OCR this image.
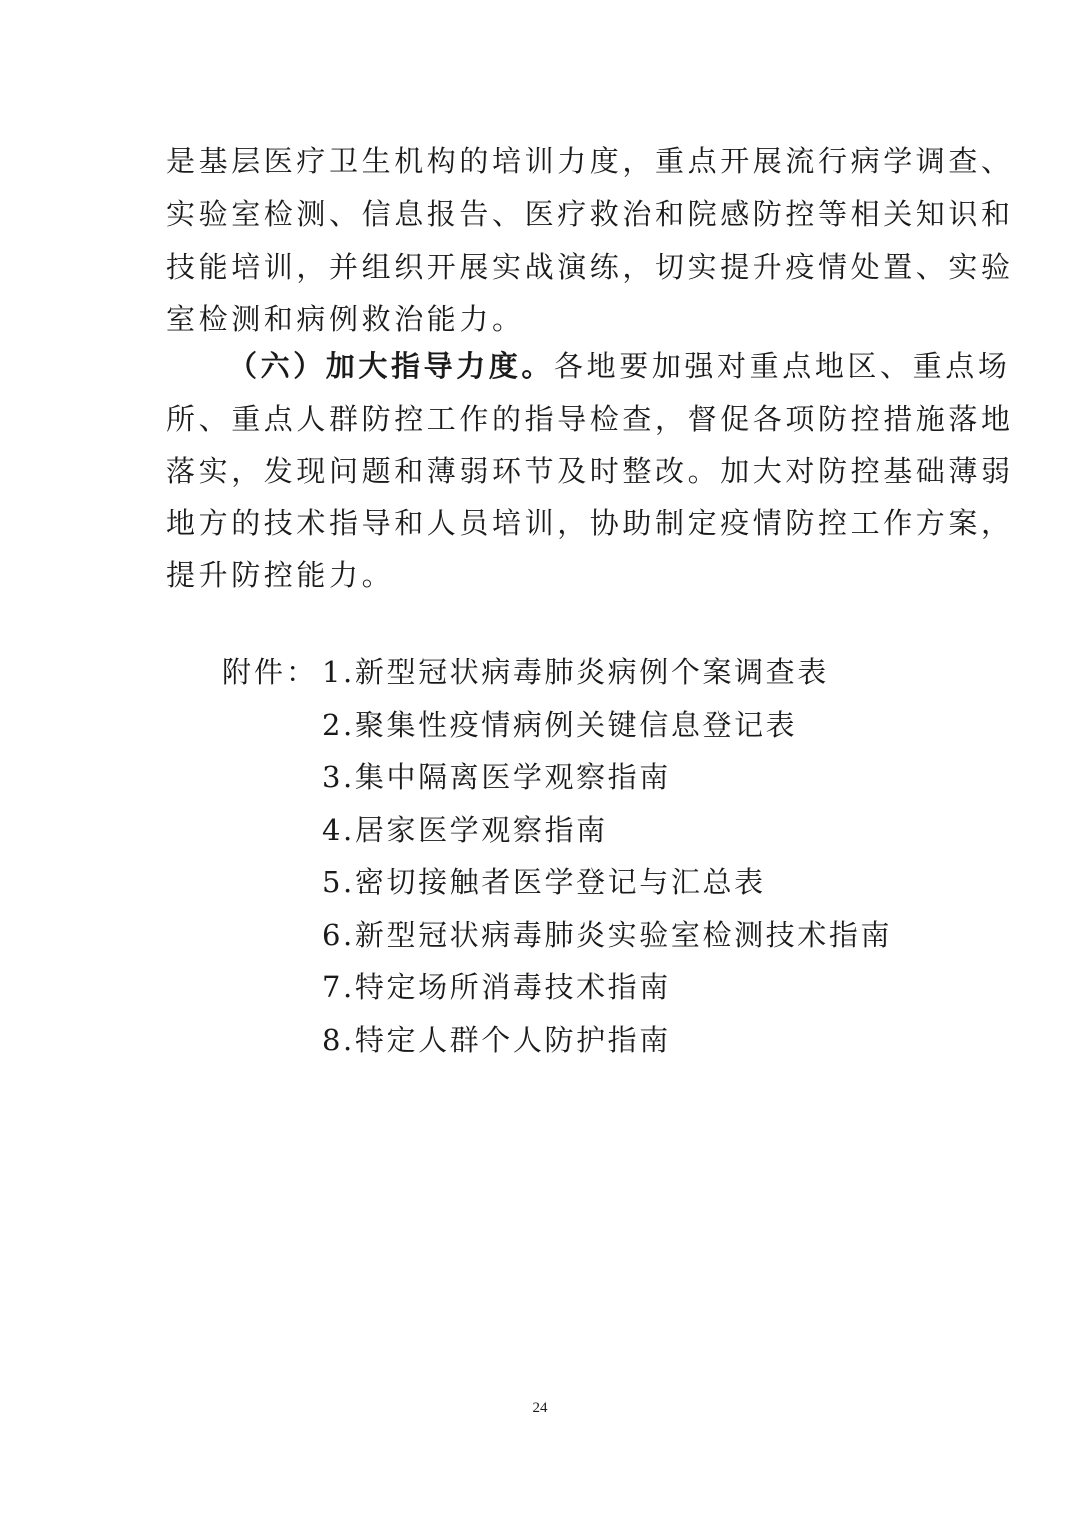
是基层医疗卫生机构的培训力度，重点开展流行病学调查、
实验室检测、信息报告、医疗救治和院感防控等相关知识和
技能培训，并组织开展实战演练，切实提升疫情处置、实验
室检测和病例救治能力。
（六）加大指导力度。各地要加强对重点地区、重点场
所、重点人群防控工作的指导检查，督促各项防控措施落地
落实，发现问题和薄弱环节及时整改。加大对防控基础薄弱
地方的技术指导和人员培训，协助制定疫情防控工作方案，
提升防控能力。
附件： 1.新型冠状病毒肺炎病例个案调查表
2.聚集性疫情病例关键信息登记表
3.集中隔离医学观察指南
4.居家医学观察指南
5.密切接触者医学登记与汇总表
6.新型冠状病毒肺炎实验室检测技术指南
7.特定场所消毒技术指南
8.特定人群个人防护指南
24
